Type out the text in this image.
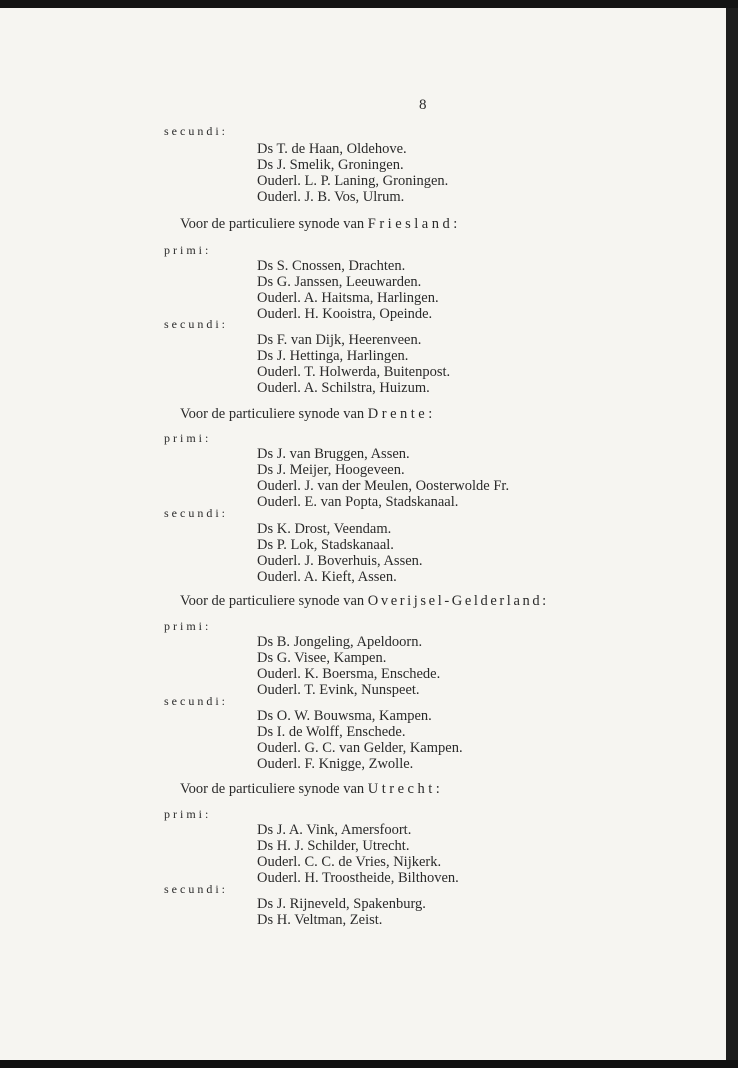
8
secundi:
Ds T. de Haan, Oldehove.
Ds J. Smelik, Groningen.
Ouderl. L. P. Laning, Groningen.
Ouderl. J. B. Vos, Ulrum.
Voor de particuliere synode van Friesland:
primi:
Ds S. Cnossen, Drachten.
Ds G. Janssen, Leeuwarden.
Ouderl. A. Haitsma, Harlingen.
Ouderl. H. Kooistra, Opeinde.
secundi:
Ds F. van Dijk, Heerenveen.
Ds J. Hettinga, Harlingen.
Ouderl. T. Holwerda, Buitenpost.
Ouderl. A. Schilstra, Huizum.
Voor de particuliere synode van Drente:
primi:
Ds J. van Bruggen, Assen.
Ds J. Meijer, Hoogeveen.
Ouderl. J. van der Meulen, Oosterwolde Fr.
Ouderl. E. van Popta, Stadskanaal.
secundi:
Ds K. Drost, Veendam.
Ds P. Lok, Stadskanaal.
Ouderl. J. Boverhuis, Assen.
Ouderl. A. Kieft, Assen.
Voor de particuliere synode van Overijsel-Gelderland:
primi:
Ds B. Jongeling, Apeldoorn.
Ds G. Visee, Kampen.
Ouderl. K. Boersma, Enschede.
Ouderl. T. Evink, Nunspeet.
secundi:
Ds O. W. Bouwsma, Kampen.
Ds I. de Wolff, Enschede.
Ouderl. G. C. van Gelder, Kampen.
Ouderl. F. Knigge, Zwolle.
Voor de particuliere synode van Utrecht:
primi:
Ds J. A. Vink, Amersfoort.
Ds H. J. Schilder, Utrecht.
Ouderl. C. C. de Vries, Nijkerk.
Ouderl. H. Troostheide, Bilthoven.
secundi:
Ds J. Rijneveld, Spakenburg.
Ds H. Veltman, Zeist.
